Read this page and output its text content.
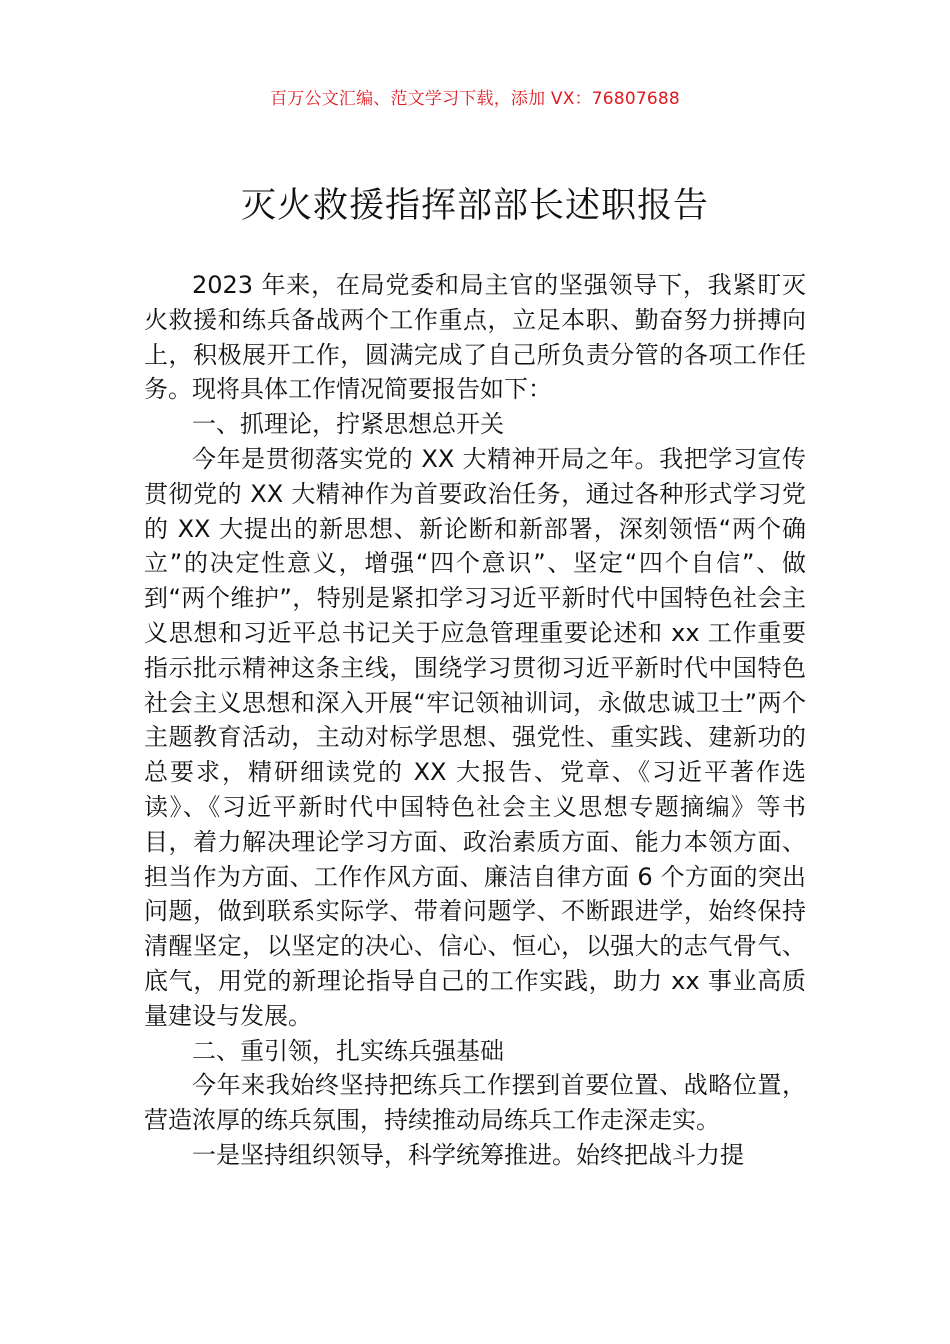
百万公文汇编、范文学习下载，添加 VX：76807688
灭火救援指挥部部长述职报告

2023 年来，在局党委和局主官的坚强领导下，我紧盯灭火救援和练兵备战两个工作重点，立足本职、勤奋努力拼搏向上，积极展开工作，圆满完成了自己所负责分管的各项工作任务。现将具体工作情况简要报告如下：

一、抓理论，拧紧思想总开关

今年是贯彻落实党的 XX 大精神开局之年。我把学习宣传贯彻党的 XX 大精神作为首要政治任务，通过各种形式学习党的 XX 大提出的新思想、新论断和新部署，深刻领悟“两个确立”的决定性意义，增强“四个意识”、坚定“四个自信”、做到“两个维护”，特别是紧扣学习习近平新时代中国特色社会主义思想和习近平总书记关于应急管理重要论述和 xx 工作重要指示批示精神这条主线，围绕学习贯彻习近平新时代中国特色社会主义思想和深入开展“牢记领袖训词，永做忠诚卫士”两个主题教育活动，主动对标学思想、强党性、重实践、建新功的总要求，精研细读党的 XX 大报告、党章、《习近平著作选读》、《习近平新时代中国特色社会主义思想专题摘编》等书目，着力解决理论学习方面、政治素质方面、能力本领方面、担当作为方面、工作作风方面、廉洁自律方面 6 个方面的突出问题，做到联系实际学、带着问题学、不断跟进学，始终保持清醒坚定，以坚定的决心、信心、恒心，以强大的志气骨气、底气，用党的新理论指导自己的工作实践，助力 xx 事业高质量建设与发展。

二、重引领，扎实练兵强基础

今年来我始终坚持把练兵工作摆到首要位置、战略位置，营造浓厚的练兵氛围，持续推动局练兵工作走深走实。

一是坚持组织领导，科学统筹推进。始终把战斗力提
